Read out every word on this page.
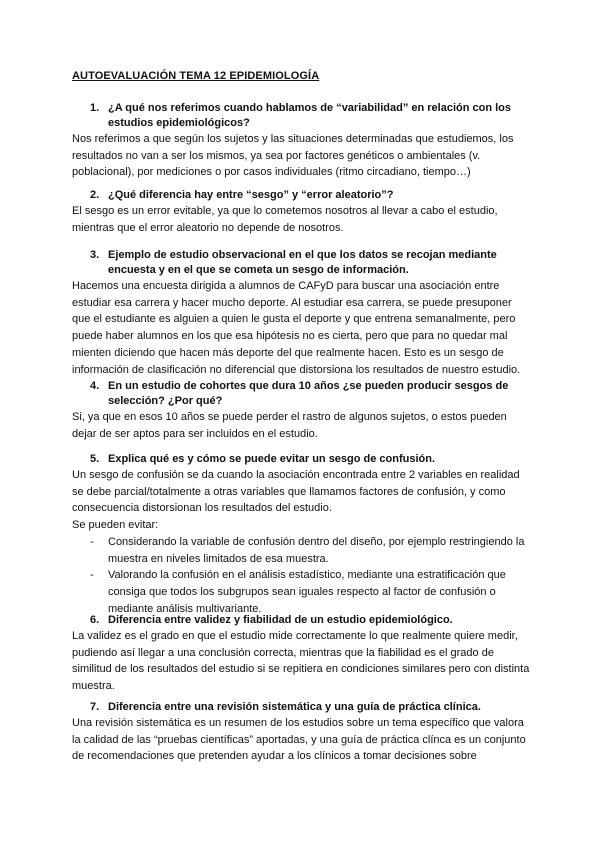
AUTOEVALUACIÓN TEMA 12 EPIDEMIOLOGÍA
1. ¿A qué nos referimos cuando hablamos de “variabilidad” en relación con los estudios epidemiológicos?
Nos referimos a que según los sujetos y las situaciones determinadas que estudiemos, los resultados no van a ser los mismos, ya sea por factores genéticos o ambientales (v. poblacional), por mediciones o por casos individuales (ritmo circadiano, tiempo…)
2. ¿Qué diferencia hay entre “sesgo” y “error aleatorio”?
El sesgo es un error evitable, ya que lo cometemos nosotros al llevar a cabo el estudio, mientras que el error aleatorio no depende de nosotros.
3. Ejemplo de estudio observacional en el que los datos se recojan mediante encuesta y en el que se cometa un sesgo de información.
Hacemos una encuesta dirigida a alumnos de CAFyD para buscar una asociación entre estudiar esa carrera y hacer mucho deporte. Al estudiar esa carrera, se puede presuponer que el estudiante es alguien a quien le gusta el deporte y que entrena semanalmente, pero puede haber alumnos en los que esa hipótesis no es cierta, pero que para no quedar mal mienten diciendo que hacen más deporte del que realmente hacen. Esto es un sesgo de información de clasificación no diferencial que distorsiona los resultados de nuestro estudio.
4. En un estudio de cohortes que dura 10 años ¿se pueden producir sesgos de selección? ¿Por qué?
Si, ya que en esos 10 años se puede perder el rastro de algunos sujetos, o estos pueden dejar de ser aptos para ser incluidos en el estudio.
5. Explica qué es y cómo se puede evitar un sesgo de confusión.
Un sesgo de confusión se da cuando la asociación encontrada entre 2 variables en realidad se debe parcial/totalmente a otras variables que llamamos factores de confusión, y como consecuencia distorsionan los resultados del estudio.
Se pueden evitar:
- Considerando la variable de confusión dentro del diseño, por ejemplo restringiendo la muestra en niveles limitados de esa muestra.
- Valorando la confusión en el análisis estadístico, mediante una estratificación que consiga que todos los subgrupos sean iguales respecto al factor de confusión o mediante análisis multivariante.
6. Diferencia entre validez y fiabilidad de un estudio epidemiológico.
La validez es el grado en que el estudio mide correctamente lo que realmente quiere medir, pudiendo así llegar a una conclusión correcta, mientras que la fiabilidad es el grado de similitud de los resultados del estudio si se repitiera en condiciones similares pero con distinta muestra.
7. Diferencia entre una revisión sistemática y una guía de práctica clínica.
Una revisión sistemática es un resumen de los estudios sobre un tema específico que valora la calidad de las “pruebas científicas” aportadas, y una guía de práctica clínca es un conjunto de recomendaciones que pretenden ayudar a los clínicos a tomar decisiones sobre
